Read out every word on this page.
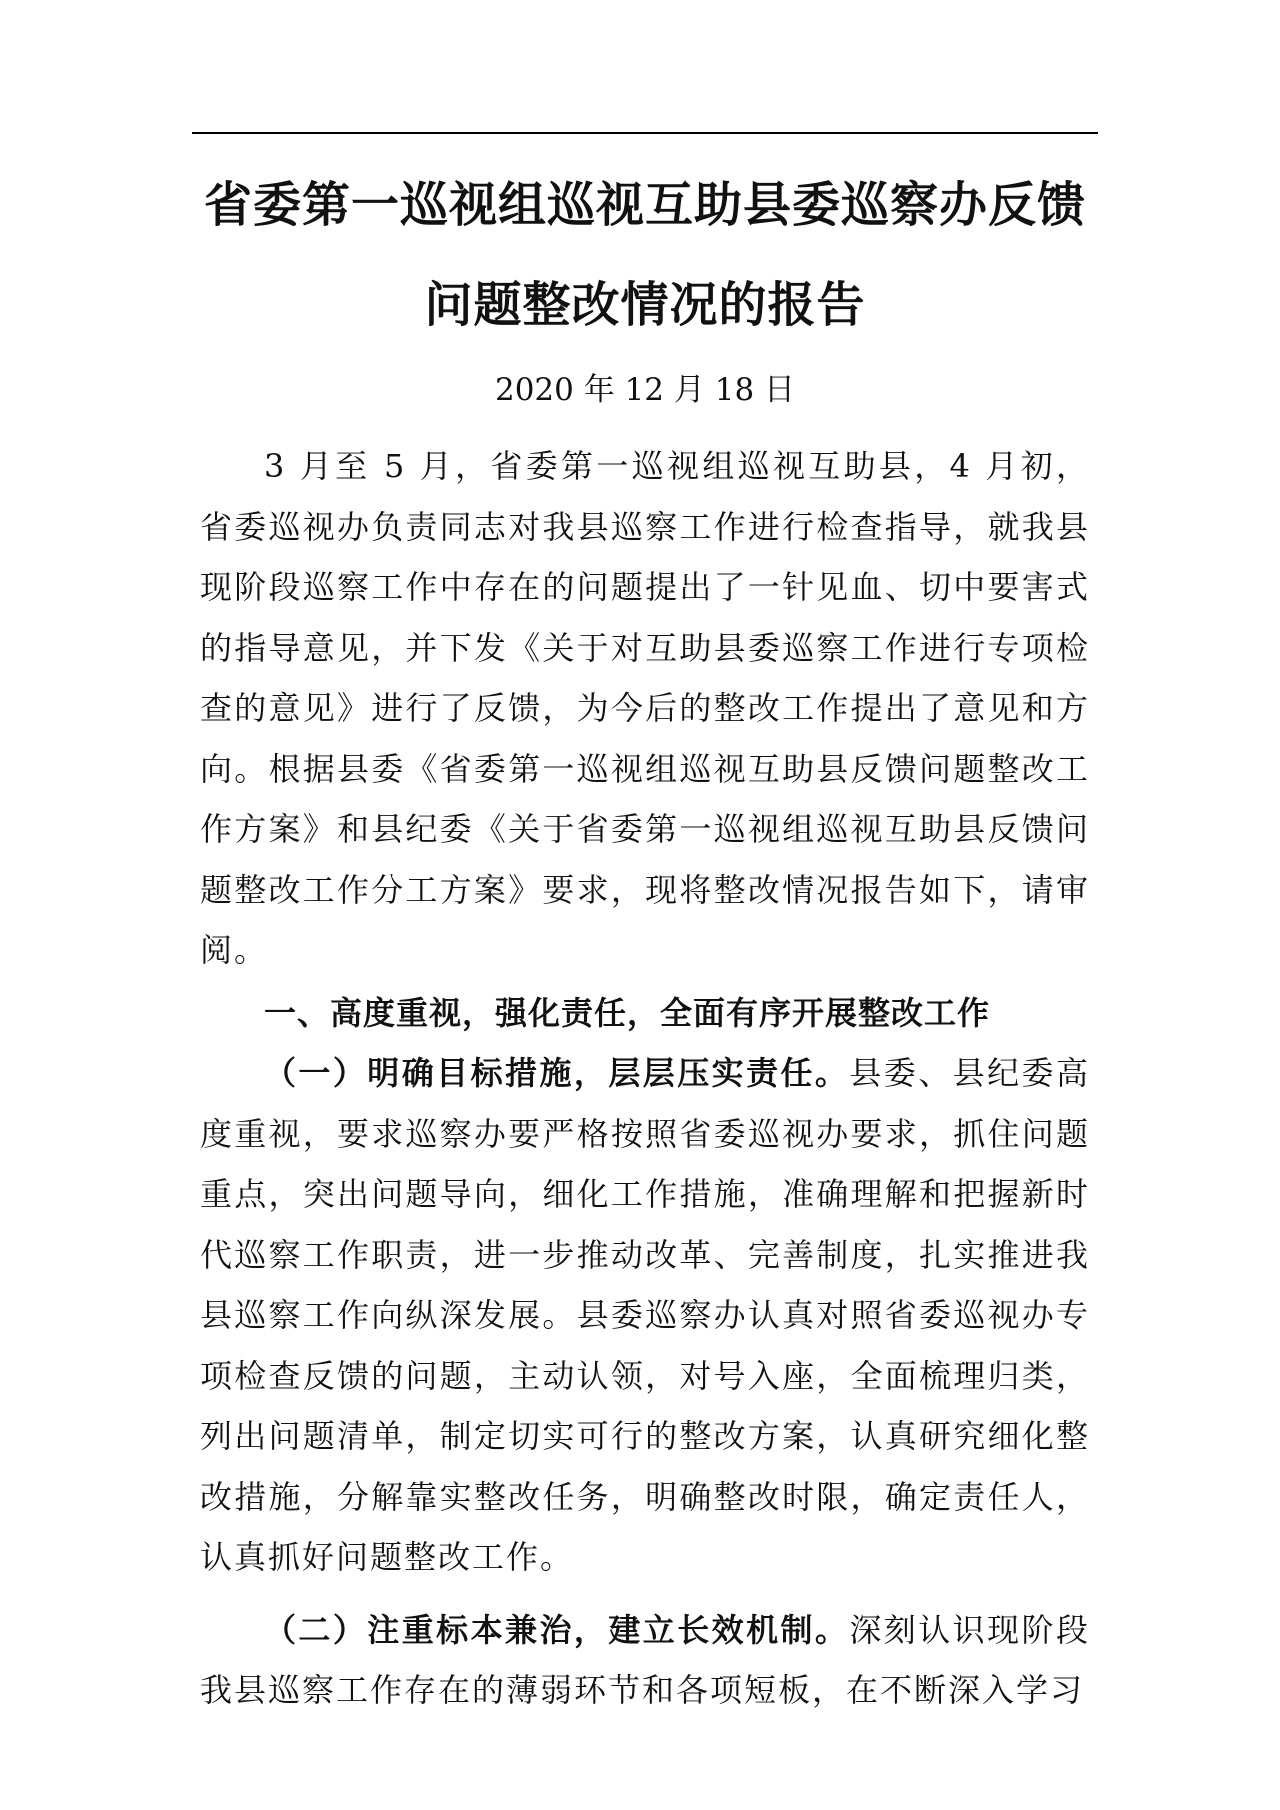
省委第一巡视组巡视互助县委巡察办反馈
问题整改情况的报告
2020 年 12 月 18 日

3 月至 5 月，省委第一巡视组巡视互助县，4 月初，省委巡视办负责同志对我县巡察工作进行检查指导，就我县现阶段巡察工作中存在的问题提出了一针见血、切中要害式的指导意见，并下发《关于对互助县委巡察工作进行专项检查的意见》进行了反馈，为今后的整改工作提出了意见和方向。根据县委《省委第一巡视组巡视互助县反馈问题整改工作方案》和县纪委《关于省委第一巡视组巡视互助县反馈问题整改工作分工方案》要求，现将整改情况报告如下，请审阅。

一、高度重视，强化责任，全面有序开展整改工作

（一）明确目标措施，层层压实责任。县委、县纪委高度重视，要求巡察办要严格按照省委巡视办要求，抓住问题重点，突出问题导向，细化工作措施，准确理解和把握新时代巡察工作职责，进一步推动改革、完善制度，扎实推进我县巡察工作向纵深发展。县委巡察办认真对照省委巡视办专项检查反馈的问题，主动认领，对号入座，全面梳理归类，列出问题清单，制定切实可行的整改方案，认真研究细化整改措施，分解靠实整改任务，明确整改时限，确定责任人，认真抓好问题整改工作。

（二）注重标本兼治，建立长效机制。深刻认识现阶段我县巡察工作存在的薄弱环节和各项短板，在不断深入学习
